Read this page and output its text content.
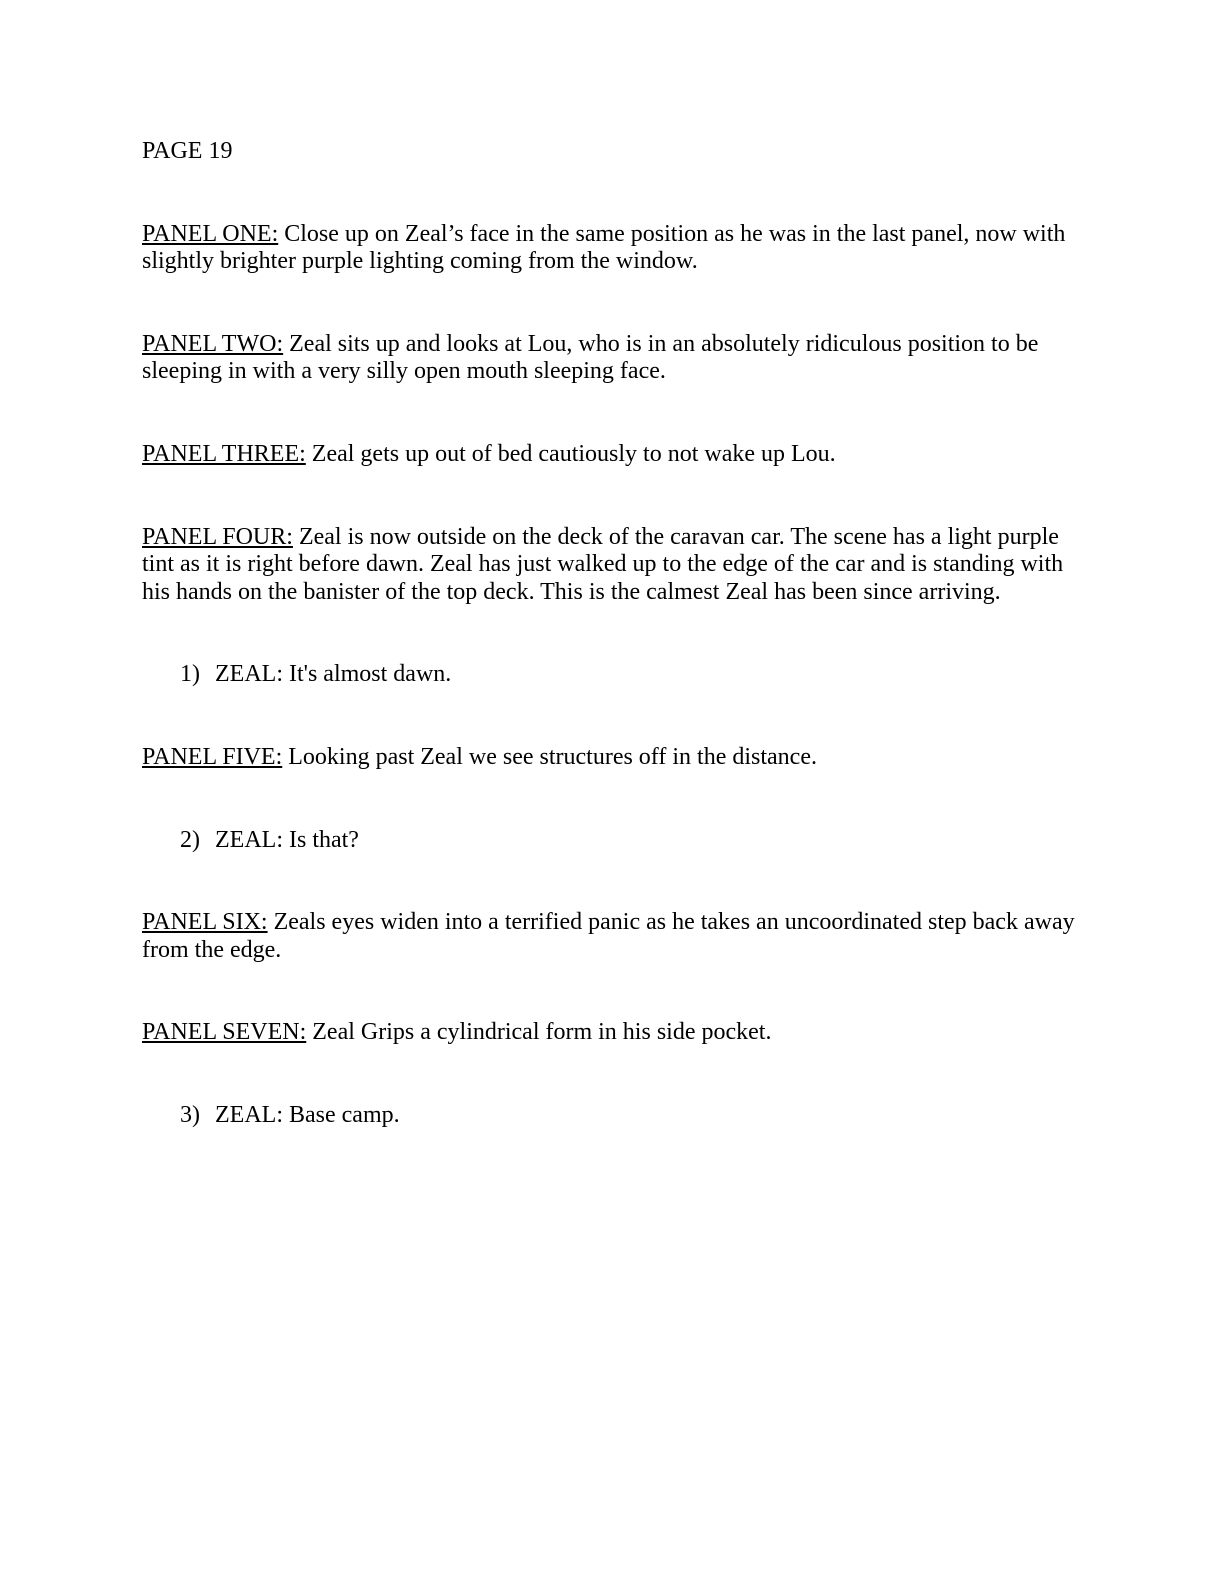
PAGE 19

PANEL ONE: Close up on Zeal’s face in the same position as he was in the last panel, now with slightly brighter purple lighting coming from the window.

PANEL TWO: Zeal sits up and looks at Lou, who is in an absolutely ridiculous position to be sleeping in with a very silly open mouth sleeping face.

PANEL THREE: Zeal gets up out of bed cautiously to not wake up Lou.

PANEL FOUR: Zeal is now outside on the deck of the caravan car. The scene has a light purple tint as it is right before dawn. Zeal has just walked up to the edge of the car and is standing with his hands on the banister of the top deck. This is the calmest Zeal has been since arriving.

1) ZEAL: It's almost dawn.

PANEL FIVE: Looking past Zeal we see structures off in the distance.

2) ZEAL: Is that?

PANEL SIX: Zeals eyes widen into a terrified panic as he takes an uncoordinated step back away from the edge.

PANEL SEVEN: Zeal Grips a cylindrical form in his side pocket.

3) ZEAL: Base camp.
